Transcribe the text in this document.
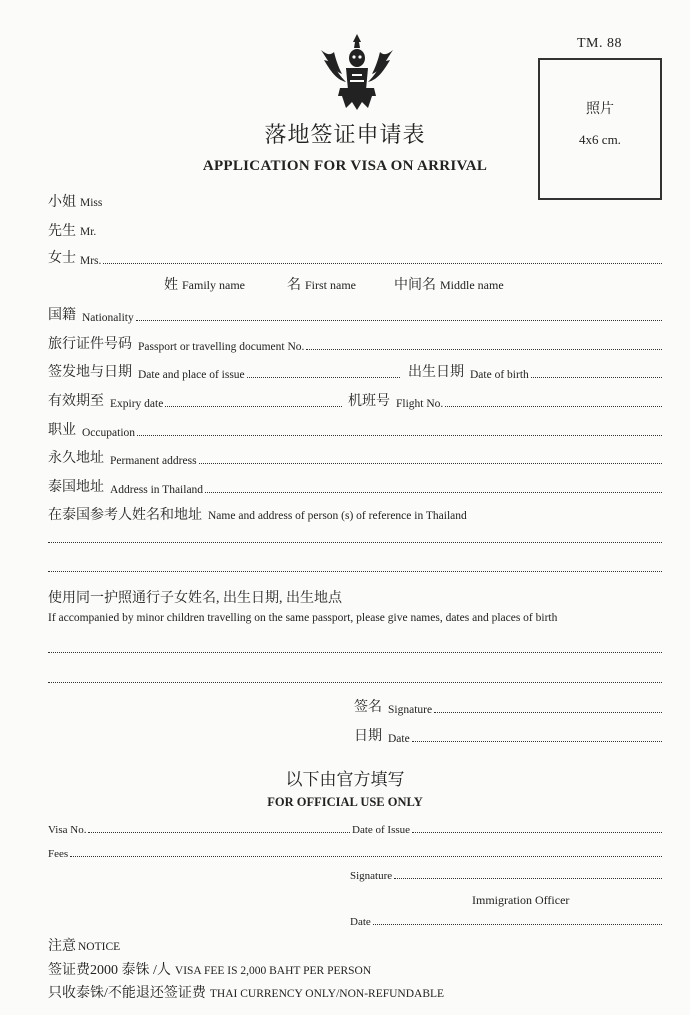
TM. 88
落地签证申请表
APPLICATION FOR VISA ON ARRIVAL
照片
4x6 cm.
小姐 Miss
先生 Mr.
女士 Mrs.
姓 Family name	名 First name	中间名 Middle name
国籍 Nationality
旅行证件号码 Passport or travelling document No.
签发地与日期 Date and place of issue	出生日期 Date of birth
有效期至 Expiry date	机班号 Flight No.
职业 Occupation
永久地址 Permanent address
泰国地址 Address in Thailand
在泰国参考人姓名和地址 Name and address of person (s) of reference in Thailand
使用同一护照通行子女姓名, 出生日期, 出生地点
If accompanied by minor children travelling on the same passport, please give names, dates and places of birth
签名 Signature
日期 Date
以下由官方填写
FOR OFFICIAL USE ONLY
Visa No.	Date of Issue
Fees
Signature
Immigration Officer
Date
注意 NOTICE
签证费2000 泰铢 /人 VISA FEE IS 2,000 BAHT PER PERSON
只收泰铢/不能退还签证费 THAI CURRENCY ONLY/NON-REFUNDABLE
